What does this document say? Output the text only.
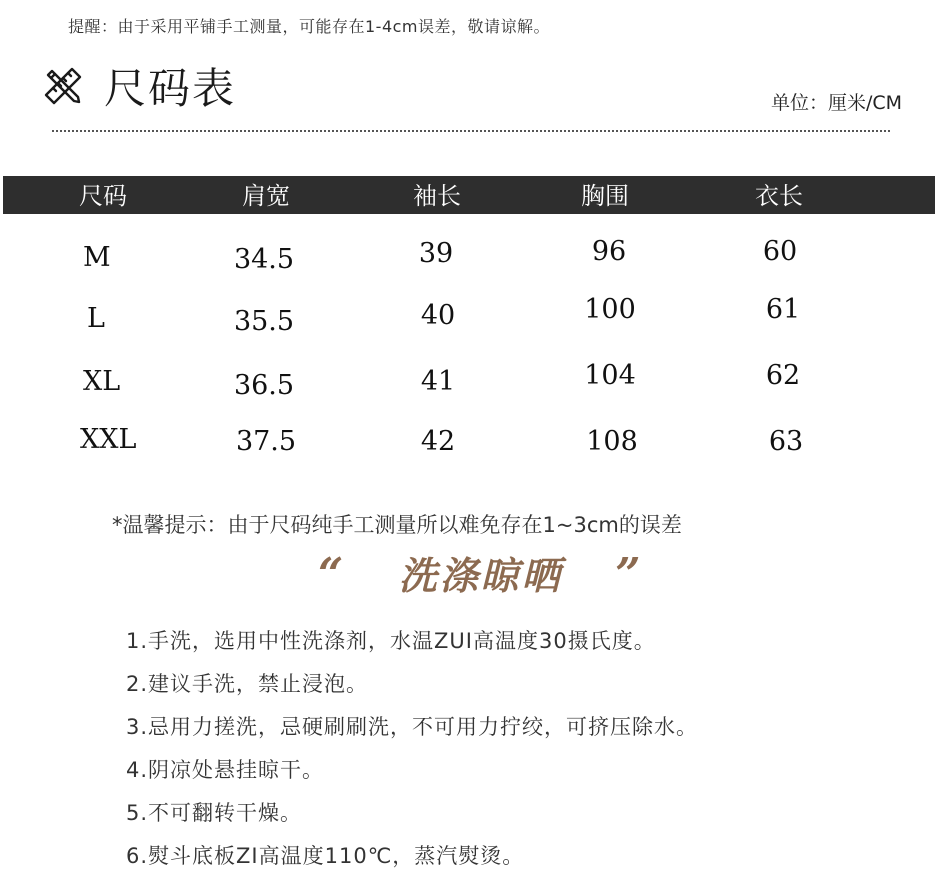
提醒：由于采用平铺手工测量，可能存在1-4cm误差，敬请谅解。
尺码表	单位：厘米/CM
尺码	肩宽	袖长	胸围	衣长
M	34.5	39	96	60
L	35.5	40	100	61
XL	36.5	41	104	62
XXL	37.5	42	108	63
*温馨提示：由于尺码纯手工测量所以难免存在1~3cm的误差
“ 洗涤晾晒 ”
1.手洗，选用中性洗涤剂，水温ZUI高温度30摄氏度。
2.建议手洗，禁止浸泡。
3.忌用力搓洗，忌硬刷刷洗，不可用力拧绞，可挤压除水。
4.阴凉处悬挂晾干。
5.不可翻转干燥。
6.熨斗底板ZI高温度110℃，蒸汽熨烫。
